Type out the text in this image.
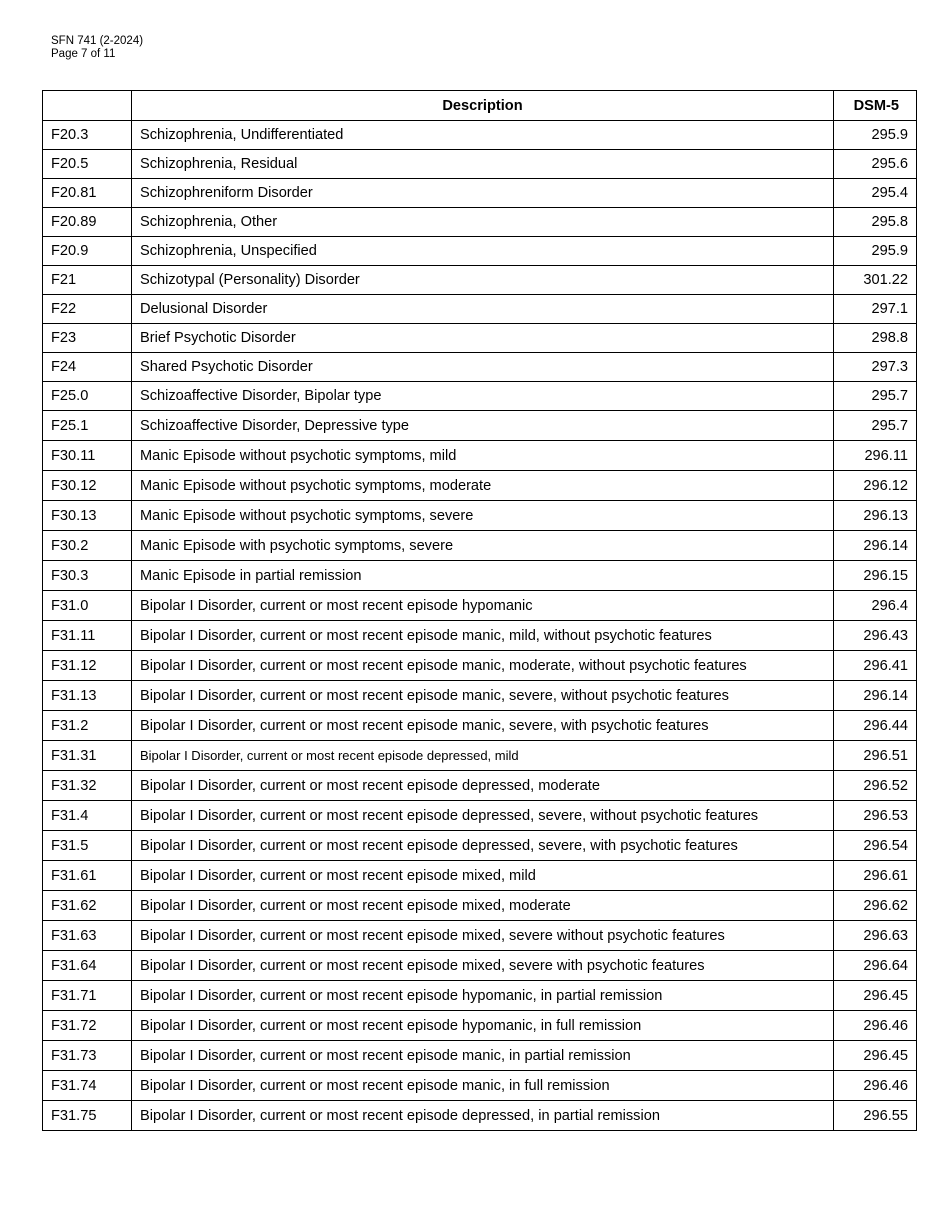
SFN 741 (2-2024)
Page 7 of 11
	Description	DSM-5
F20.3	Schizophrenia, Undifferentiated	295.9
F20.5	Schizophrenia, Residual	295.6
F20.81	Schizophreniform Disorder	295.4
F20.89	Schizophrenia, Other	295.8
F20.9	Schizophrenia, Unspecified	295.9
F21	Schizotypal (Personality) Disorder	301.22
F22	Delusional Disorder	297.1
F23	Brief Psychotic Disorder	298.8
F24	Shared Psychotic Disorder	297.3
F25.0	Schizoaffective Disorder, Bipolar type	295.7
F25.1	Schizoaffective Disorder, Depressive type	295.7
F30.11	Manic Episode without psychotic symptoms, mild	296.11
F30.12	Manic Episode without psychotic symptoms, moderate	296.12
F30.13	Manic Episode without psychotic symptoms, severe	296.13
F30.2	Manic Episode with psychotic symptoms, severe	296.14
F30.3	Manic Episode in partial remission	296.15
F31.0	Bipolar I Disorder, current or most recent episode hypomanic	296.4
F31.11	Bipolar I Disorder, current or most recent episode manic, mild, without psychotic features	296.43
F31.12	Bipolar I Disorder, current or most recent episode manic, moderate, without psychotic features	296.41
F31.13	Bipolar I Disorder, current or most recent episode manic, severe, without psychotic features	296.14
F31.2	Bipolar I Disorder, current or most recent episode manic, severe, with psychotic features	296.44
F31.31	Bipolar I Disorder, current or most recent episode depressed, mild	296.51
F31.32	Bipolar I Disorder, current or most recent episode depressed, moderate	296.52
F31.4	Bipolar I Disorder, current or most recent episode depressed, severe, without psychotic features	296.53
F31.5	Bipolar I Disorder, current or most recent episode depressed, severe, with psychotic features	296.54
F31.61	Bipolar I Disorder, current or most recent episode mixed, mild	296.61
F31.62	Bipolar I Disorder, current or most recent episode mixed, moderate	296.62
F31.63	Bipolar I Disorder, current or most recent episode mixed, severe without psychotic features	296.63
F31.64	Bipolar I Disorder, current or most recent episode mixed, severe with psychotic features	296.64
F31.71	Bipolar I Disorder, current or most recent episode hypomanic, in partial remission	296.45
F31.72	Bipolar I Disorder, current or most recent episode hypomanic, in full remission	296.46
F31.73	Bipolar I Disorder, current or most recent episode manic, in partial remission	296.45
F31.74	Bipolar I Disorder, current or most recent episode manic, in full remission	296.46
F31.75	Bipolar I Disorder, current or most recent episode depressed, in partial remission	296.55
